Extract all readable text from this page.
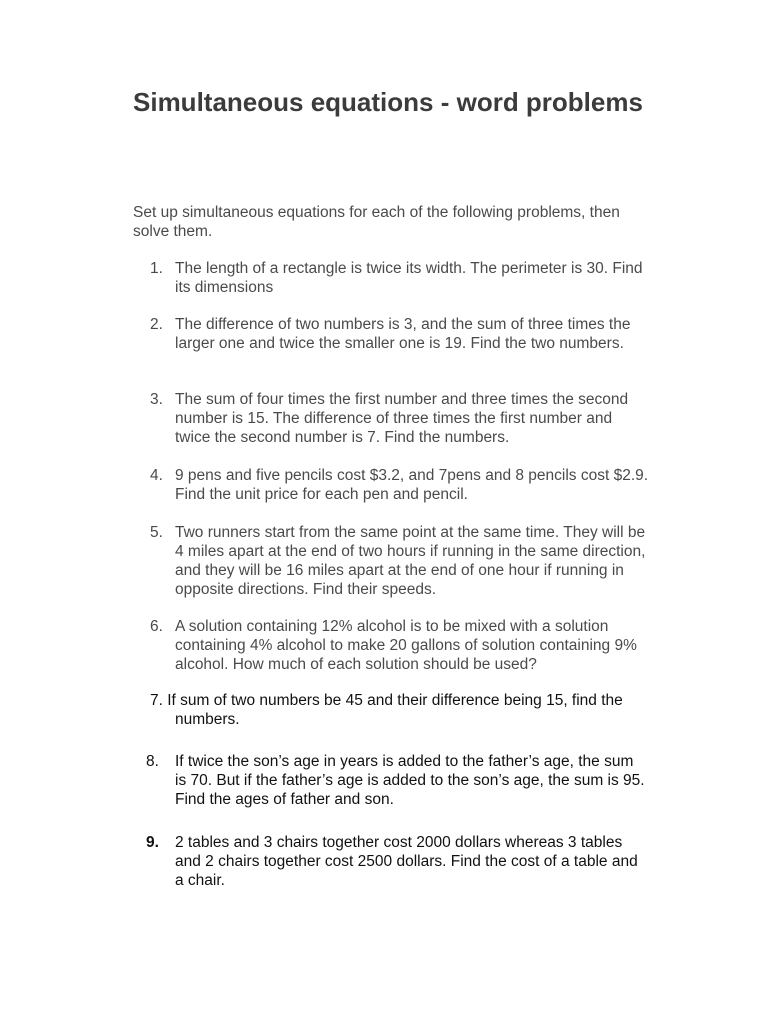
Simultaneous equations - word problems

Set up simultaneous equations for each of the following problems, then solve them.

1. The length of a rectangle is twice its width. The perimeter is 30. Find its dimensions
2. The difference of two numbers is 3, and the sum of three times the larger one and twice the smaller one is 19. Find the two numbers.
3. The sum of four times the first number and three times the second number is 15. The difference of three times the first number and twice the second number is 7. Find the numbers.
4. 9 pens and five pencils cost $3.2, and 7pens and 8 pencils cost $2.9. Find the unit price for each pen and pencil.
5. Two runners start from the same point at the same time. They will be 4 miles apart at the end of two hours if running in the same direction, and they will be 16 miles apart at the end of one hour if running in opposite directions. Find their speeds.
6. A solution containing 12% alcohol is to be mixed with a solution containing 4% alcohol to make 20 gallons of solution containing 9% alcohol. How much of each solution should be used?
7. If sum of two numbers be 45 and their difference being 15, find the numbers.
8.	If twice the son’s age in years is added to the father’s age, the sum is 70. But if the father’s age is added to the son’s age, the sum is 95. Find the ages of father and son.
9.	2 tables and 3 chairs together cost 2000 dollars whereas 3 tables and 2 chairs together cost 2500 dollars. Find the cost of a table and a chair.
